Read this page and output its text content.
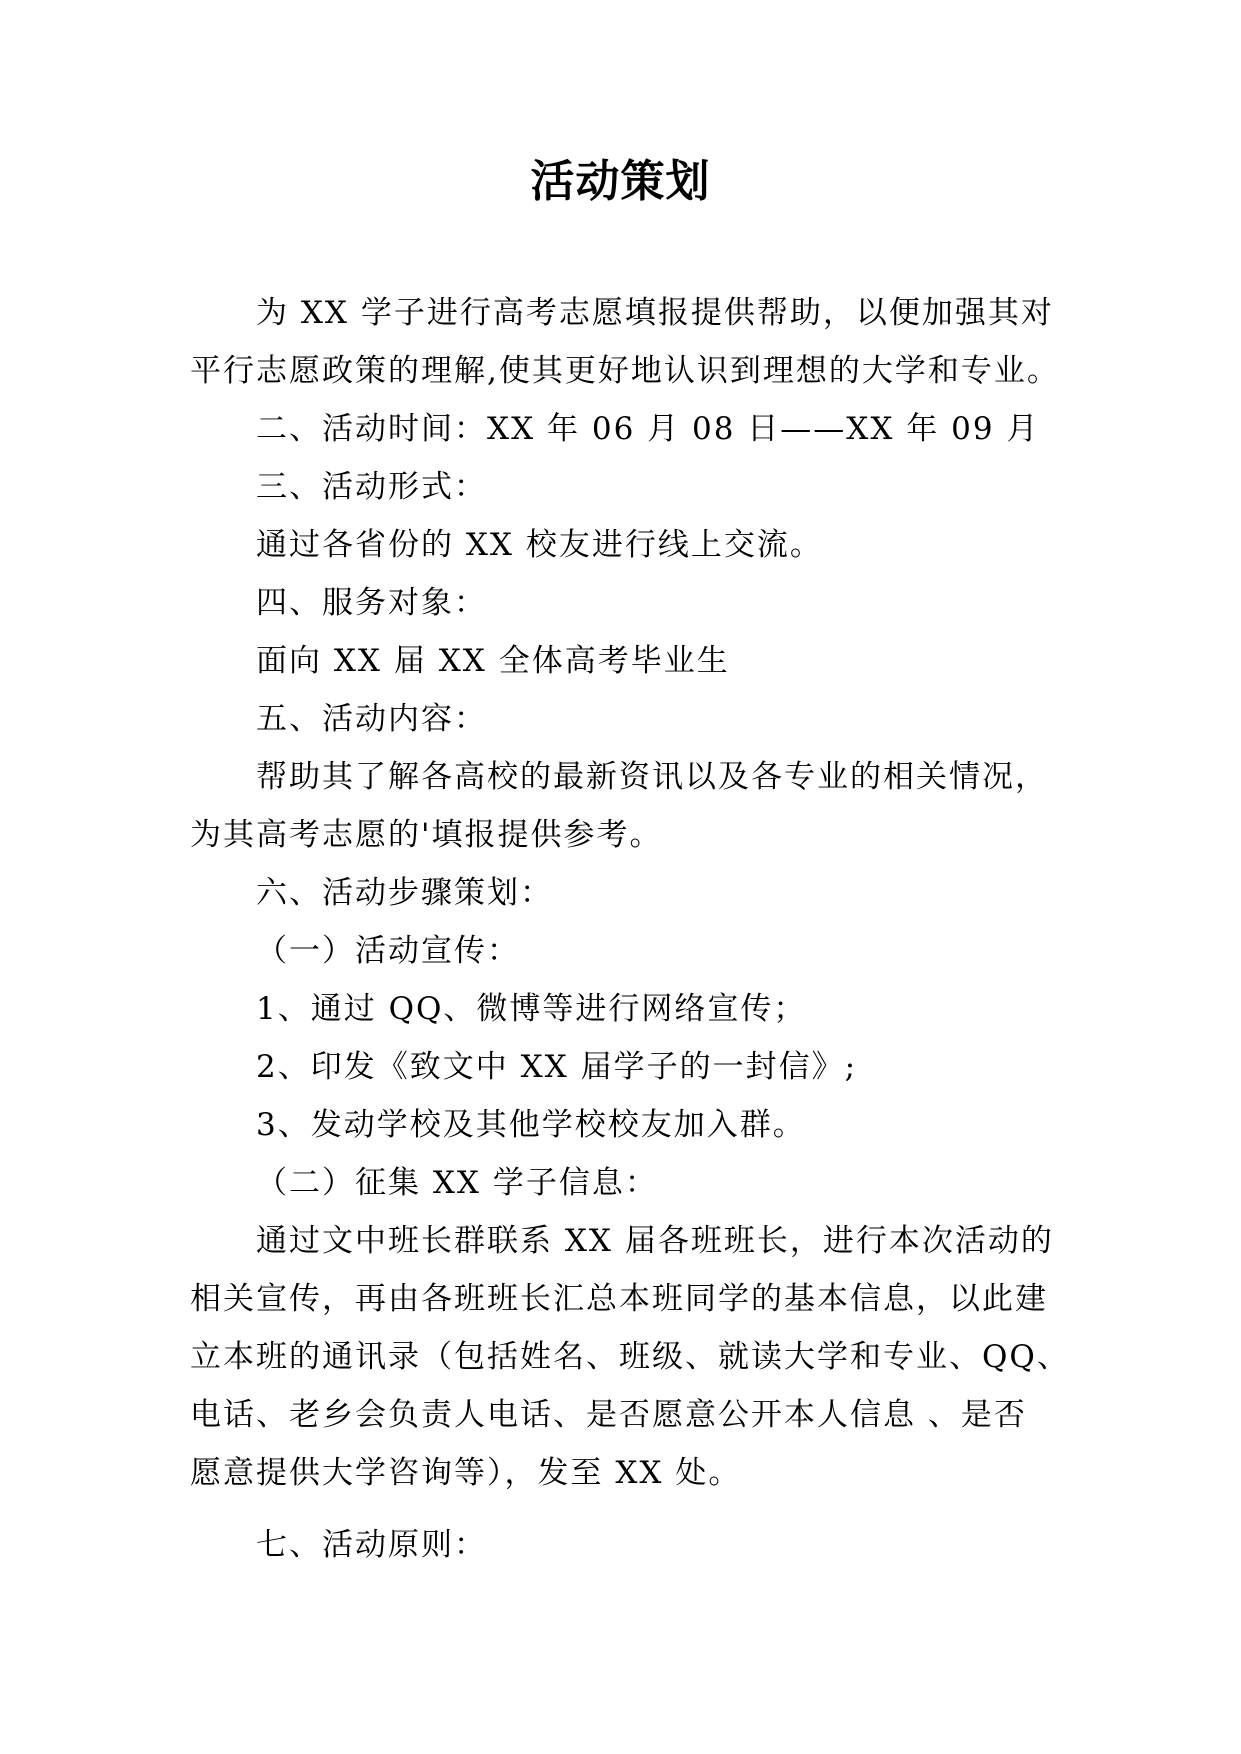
活动策划
为 XX 学子进行高考志愿填报提供帮助，以便加强其对
平行志愿政策的理解,使其更好地认识到理想的大学和专业。
二、活动时间：XX 年 06 月 08 日——XX 年 09 月
三、活动形式：
通过各省份的 XX 校友进行线上交流。
四、服务对象：
面向 XX 届 XX 全体高考毕业生
五、活动内容：
帮助其了解各高校的最新资讯以及各专业的相关情况，
为其高考志愿的'填报提供参考。
六、活动步骤策划：
（一）活动宣传：
1、通过 QQ、微博等进行网络宣传；
2、印发《致文中 XX 届学子的一封信》;
3、发动学校及其他学校校友加入群。
（二）征集 XX 学子信息：
通过文中班长群联系 XX 届各班班长，进行本次活动的
相关宣传，再由各班班长汇总本班同学的基本信息，以此建
立本班的通讯录（包括姓名、班级、就读大学和专业、QQ、
电话、老乡会负责人电话、是否愿意公开本人信息 、是否
愿意提供大学咨询等），发至 XX 处。
七、活动原则：
